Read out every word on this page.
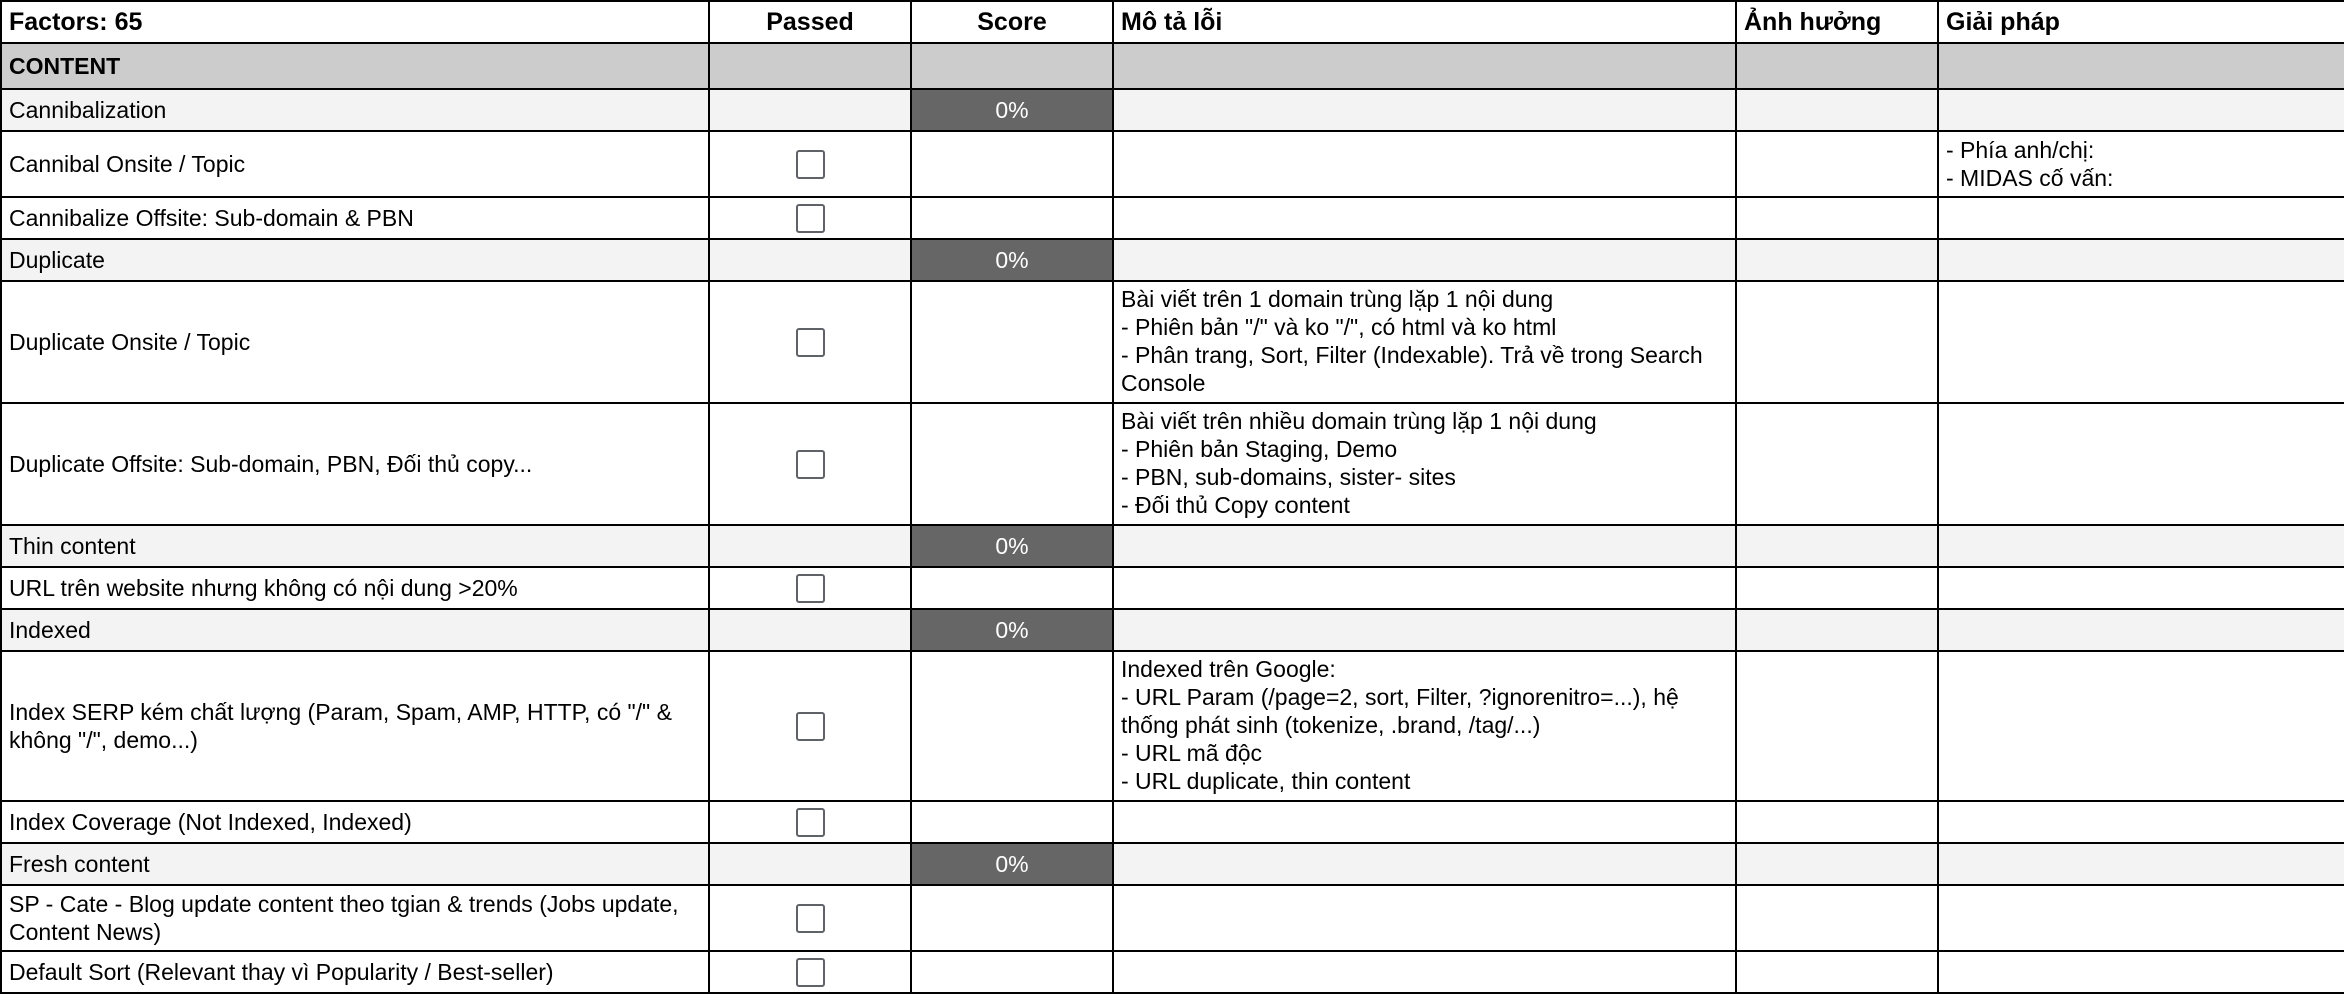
Factors: 65	Passed	Score	Mô tả lỗi	Ảnh hưởng	Giải pháp
CONTENT					
Cannibalization		0%			
Cannibal Onsite / Topic					- Phía anh/chị:
- MIDAS cố vấn:
Cannibalize Offsite: Sub-domain & PBN					
Duplicate		0%			
Duplicate Onsite / Topic			Bài viết trên 1 domain trùng lặp 1 nội dung
- Phiên bản "/" và ko "/", có html và ko html
- Phân trang, Sort, Filter (Indexable). Trả về trong Search Console		
Duplicate Offsite: Sub-domain, PBN, Đối thủ copy...			Bài viết trên nhiều domain trùng lặp 1 nội dung
- Phiên bản Staging, Demo
- PBN, sub-domains, sister- sites
- Đối thủ Copy content		
Thin content		0%			
URL trên website nhưng không có nội dung >20%					
Indexed		0%			
Index SERP kém chất lượng (Param, Spam, AMP, HTTP, có "/" & không "/", demo...)			Indexed trên Google:
- URL Param (/page=2, sort, Filter, ?ignorenitro=...), hệ thống phát sinh (tokenize, .brand, /tag/...)
- URL mã độc
- URL duplicate, thin content		
Index Coverage (Not Indexed, Indexed)					
Fresh content		0%			
SP - Cate - Blog update content theo tgian & trends (Jobs update, Content News)					
Default Sort (Relevant thay vì Popularity / Best-seller)					
